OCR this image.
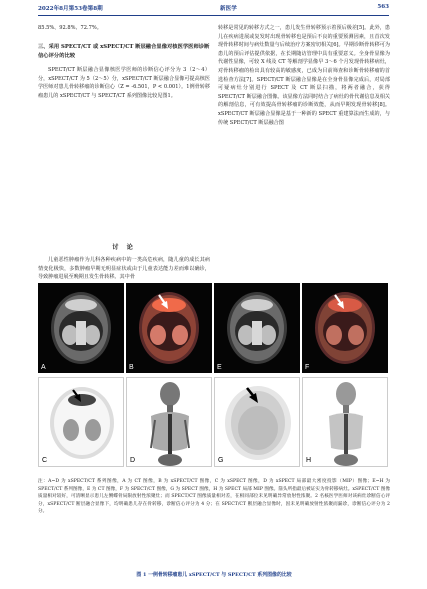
2022年8月第53卷第8期	新医学	563

85.5%、92.8%、72.7%。

三、采用 SPECT/CT 或 xSPECT/CT 断层融合显像对核医学医师诊断信心评分的比较

SPECT/CT 断层融合显像核医学医师的诊断信心评分为 3（2～4）分，xSPECT/CT 为 5（2～5）分，xSPECT/CT 断层融合显像可提高核医学医师对患儿骨转移瘤的诊断信心（Z = -6.501，P < 0.001）。1例骨转移瘤患儿的 xSPECT/CT 与 SPECT/CT 系列图像比较见图1。

讨 论

儿童恶性肿瘤作为儿科各种疾病中的一类高危疾病，随儿童的成长其病情变化极快，多数肿瘤早期无明显症状或由于儿童表达能力差而难以确诊，导致肿瘤进展至晚期且发生骨转移。其中骨

转移是常见的转移方式之一，患儿发生骨转移预示着预后极差[5]。此外，患儿在疾病进展或复发时出现骨转移也是预后不良的重要预测因素，且首次发现骨转移时间与病灶数量与后续治疗方案密切相关[6]。早期诊断骨转移可为患儿的预后评估提供依据，在长期随访管理中具有重要意义。全身骨显像为代谢性显像，可较 X 线及 CT 等解剖学显像早 3～6 个月发现骨转移病灶，对骨转移瘤的检出具有较高的敏感度，已成为目前筛查和诊断骨转移瘤的首选检查方法[7]。SPECT/CT 断层融合显像是在全身骨显像完成后，对局部可疑病灶分别进行 SPECT 及 CT 断层扫描，将两者融合，获得 SPECT/CT 断层融合图像。该显像方法同时结合了病灶的骨代谢信息及相关的解剖信息，可有效提高骨转移瘤的诊断效能，从而早期发现骨转移[8]。xSPECT/CT 断层融合显像是基于一种新的 SPECT 重建算法而生成的，与传统 SPECT/CT 断层融合图

A	B	E	F
C	D	G	H

注：A~D 为 xSPECT/CT 系列图像，A 为 CT 图像，B 为 xSPECT/CT 图像，C 为 xSPECT 图像，D 为 xSPECT 局部最大密度投影（MIP）图像；E~H 为 SPECT/CT 系列图像，E 为 CT 图像，F 为 SPECT/CT 图像，G 为 SPECT 图像，H 为 SPECT 局部 MIP 图像。箭头所指最后被证实为骨转移病灶。xSPECT/CT 图像质量相对较好，可清晰显示患儿左侧蝶骨局限放射性浓聚灶；而 SPECT/CT 图像质量相对差，在相同部位未见明确异常放射性浓聚。2 名核医学医师对该病灶诊断信心评分，xSPECT/CT 断层融合显像下，均明确患儿存在骨转移，诊断信心评分为 4 分；在 SPECT/CT 断层融合显像时，因未见明确放射性浓聚而漏诊，诊断信心评分为 2 分。

图 1 一例骨转移瘤患儿 xSPECT/CT 与 SPECT/CT 系列图像的比较
